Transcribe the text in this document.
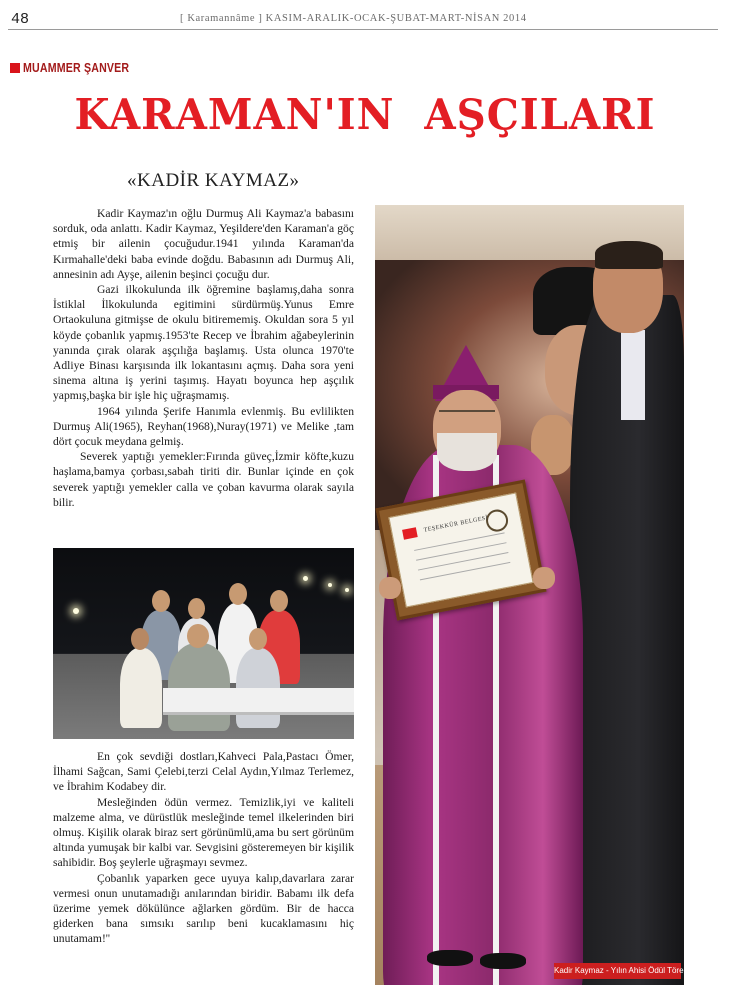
48	[ Karamannâme ] KASIM-ARALIK-OCAK-ŞUBAT-MART-NİSAN 2014
MUAMMER ŞANVER
KARAMAN'IN  AŞÇILARI
«KADİR KAYMAZ»

Kadir Kaymaz'ın oğlu Durmuş Ali Kaymaz'a babasını sorduk, oda anlattı. Kadir Kaymaz, Yeşildere'den Karaman'a göç etmiş bir ailenin çocuğudur.1941 yılında Karaman'da Kırmahalle'deki baba evinde doğdu. Babasının adı Durmuş Ali, annesinin adı Ayşe, ailenin beşinci çocuğu dur.

Gazi ilkokulunda ilk öğremine başlamış,daha sonra İstiklal İlkokulunda egitimini sürdürmüş.Yunus Emre Ortaokuluna gitmişse de okulu bitirememiş. Okuldan sora 5 yıl köyde çobanlık yapmış.1953'te Recep ve İbrahim ağabeylerinin yanında çırak olarak aşçılığa başlamış. Usta olunca 1970'te Adliye Binası karşısında ilk lokantasını açmış. Daha sora yeni sinema altına iş yerini taşımış. Hayatı boyunca hep aşçılık yapmış,başka bir işle hiç uğraşmamış.

1964 yılında Şerife Hanımla evlenmiş. Bu evlilikten Durmuş Ali(1965), Reyhan(1968),Nuray(1971) ve Melike ,tam dört çocuk meydana gelmiş.

Severek yaptığı yemekler:Fırında güveç,İzmir köfte,kuzu haşlama,bamya çorbası,sabah tiriti dir. Bunlar içinde en çok severek yaptığı yemekler calla ve çoban kavurma olarak sayıla bilir.

En çok sevdiği dostları,Kahveci Pala,Pastacı Ömer, İlhami Sağcan, Sami Çelebi,terzi Celal Aydın,Yılmaz Terlemez, ve İbrahim Kodabey dir.

Mesleğinden ödün vermez. Temizlik,iyi ve kaliteli malzeme alma, ve dürüstlük mesleğinde temel ilkelerinden biri olmuş. Kişilik olarak biraz sert görünümlü,ama bu sert görünüm altında yumuşak bir kalbi var. Sevgisini gösteremeyen bir kişilik sahibidir. Boş şeylerle uğraşmayı sevmez.

Çobanlık yaparken gece uyuya kalıp,davarlara zarar vermesi onun unutamadığı anılarından biridir. Babamı ilk defa üzerime yemek dökülünce ağlarken gördüm. Bir de hacca giderken bana sımsıkı sarılıp beni kucaklamasını hiç unutamam!''

TEŞEKKÜR BELGESİ
Kadir Kaymaz - Yılın Ahisi Ödül Töreni
